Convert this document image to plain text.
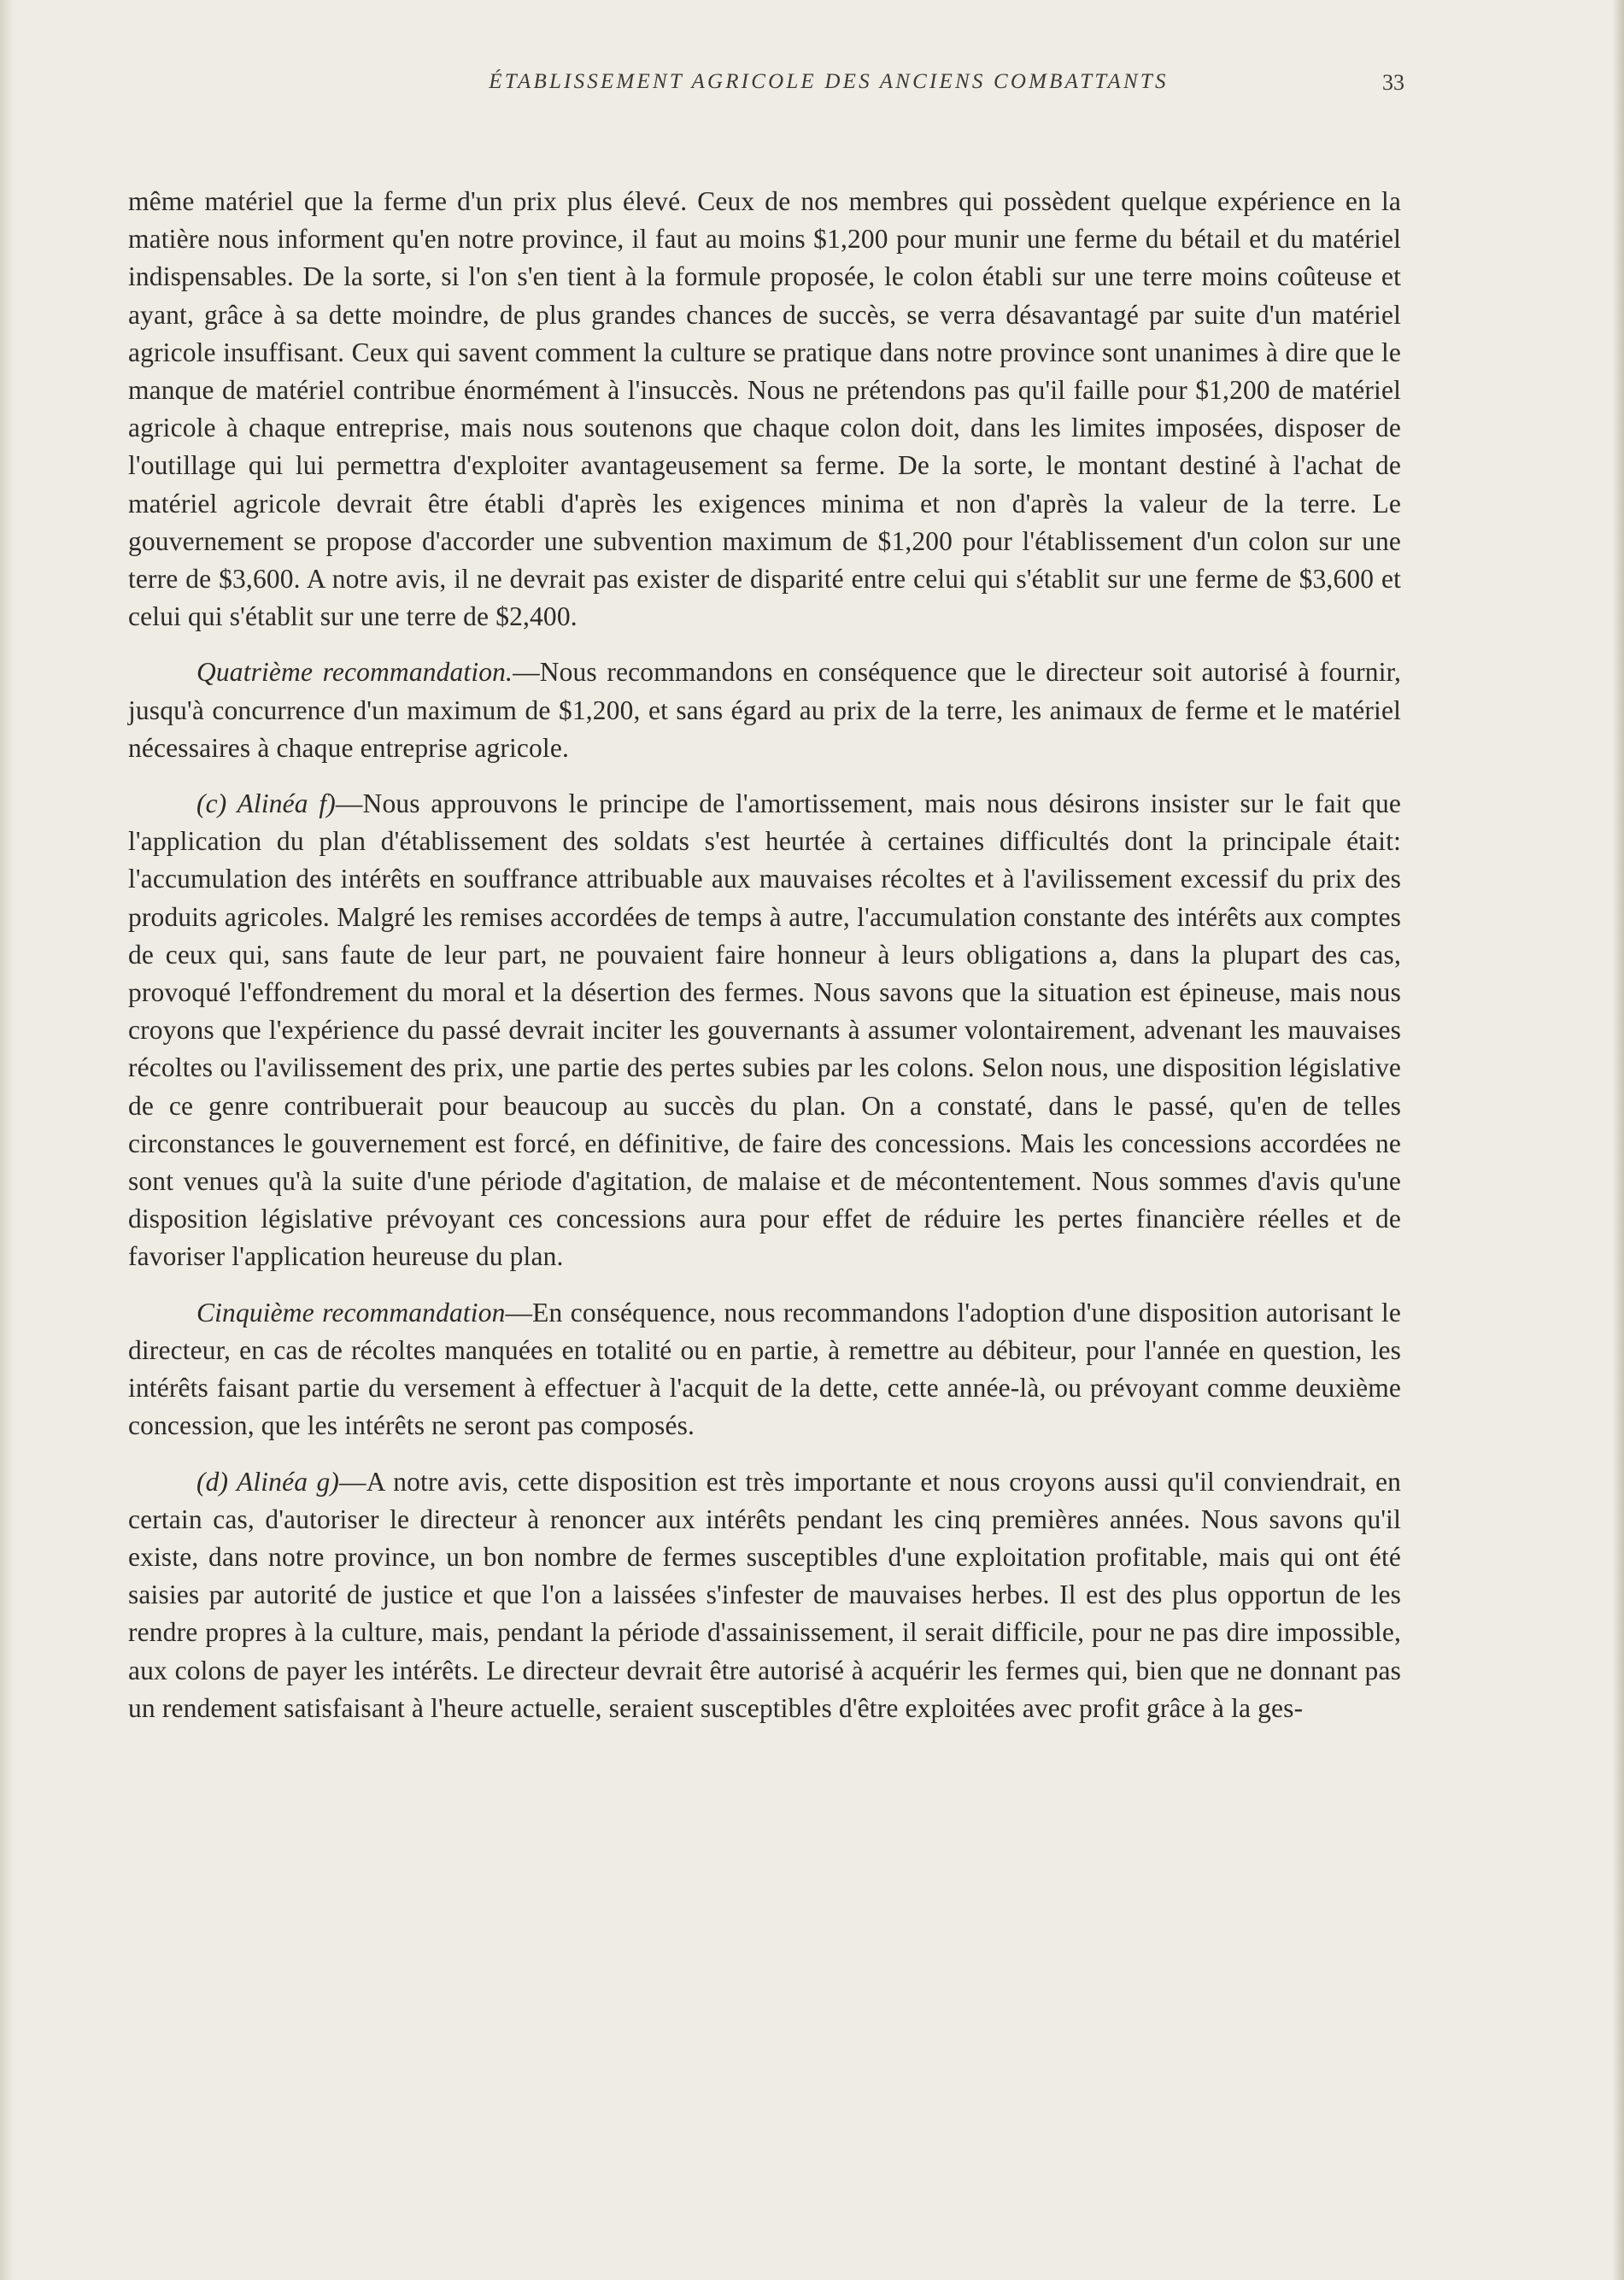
ÉTABLISSEMENT AGRICOLE DES ANCIENS COMBATTANTS	33

même matériel que la ferme d'un prix plus élevé. Ceux de nos membres qui possèdent quelque expérience en la matière nous informent qu'en notre province, il faut au moins $1,200 pour munir une ferme du bétail et du matériel indispensables. De la sorte, si l'on s'en tient à la formule proposée, le colon établi sur une terre moins coûteuse et ayant, grâce à sa dette moindre, de plus grandes chances de succès, se verra désavantagé par suite d'un matériel agricole insuffisant. Ceux qui savent comment la culture se pratique dans notre province sont unanimes à dire que le manque de matériel contribue énormément à l'insuccès. Nous ne prétendons pas qu'il faille pour $1,200 de matériel agricole à chaque entreprise, mais nous soutenons que chaque colon doit, dans les limites imposées, disposer de l'outillage qui lui permettra d'exploiter avantageusement sa ferme. De la sorte, le montant destiné à l'achat de matériel agricole devrait être établi d'après les exigences minima et non d'après la valeur de la terre. Le gouvernement se propose d'accorder une subvention maximum de $1,200 pour l'établissement d'un colon sur une terre de $3,600. A notre avis, il ne devrait pas exister de disparité entre celui qui s'établit sur une ferme de $3,600 et celui qui s'établit sur une terre de $2,400.

Quatrième recommandation.—Nous recommandons en conséquence que le directeur soit autorisé à fournir, jusqu'à concurrence d'un maximum de $1,200, et sans égard au prix de la terre, les animaux de ferme et le matériel nécessaires à chaque entreprise agricole.

(c) Alinéa f)—Nous approuvons le principe de l'amortissement, mais nous désirons insister sur le fait que l'application du plan d'établissement des soldats s'est heurtée à certaines difficultés dont la principale était: l'accumulation des intérêts en souffrance attribuable aux mauvaises récoltes et à l'avilissement excessif du prix des produits agricoles. Malgré les remises accordées de temps à autre, l'accumulation constante des intérêts aux comptes de ceux qui, sans faute de leur part, ne pouvaient faire honneur à leurs obligations a, dans la plupart des cas, provoqué l'effondrement du moral et la désertion des fermes. Nous savons que la situation est épineuse, mais nous croyons que l'expérience du passé devrait inciter les gouvernants à assumer volontairement, advenant les mauvaises récoltes ou l'avilissement des prix, une partie des pertes subies par les colons. Selon nous, une disposition législative de ce genre contribuerait pour beaucoup au succès du plan. On a constaté, dans le passé, qu'en de telles circonstances le gouvernement est forcé, en définitive, de faire des concessions. Mais les concessions accordées ne sont venues qu'à la suite d'une période d'agitation, de malaise et de mécontentement. Nous sommes d'avis qu'une disposition législative prévoyant ces concessions aura pour effet de réduire les pertes financière réelles et de favoriser l'application heureuse du plan.

Cinquième recommandation—En conséquence, nous recommandons l'adoption d'une disposition autorisant le directeur, en cas de récoltes manquées en totalité ou en partie, à remettre au débiteur, pour l'année en question, les intérêts faisant partie du versement à effectuer à l'acquit de la dette, cette année-là, ou prévoyant comme deuxième concession, que les intérêts ne seront pas composés.

(d) Alinéa g)—A notre avis, cette disposition est très importante et nous croyons aussi qu'il conviendrait, en certain cas, d'autoriser le directeur à renoncer aux intérêts pendant les cinq premières années. Nous savons qu'il existe, dans notre province, un bon nombre de fermes susceptibles d'une exploitation profitable, mais qui ont été saisies par autorité de justice et que l'on a laissées s'infester de mauvaises herbes. Il est des plus opportun de les rendre propres à la culture, mais, pendant la période d'assainissement, il serait difficile, pour ne pas dire impossible, aux colons de payer les intérêts. Le directeur devrait être autorisé à acquérir les fermes qui, bien que ne donnant pas un rendement satisfaisant à l'heure actuelle, seraient susceptibles d'être exploitées avec profit grâce à la ges-
